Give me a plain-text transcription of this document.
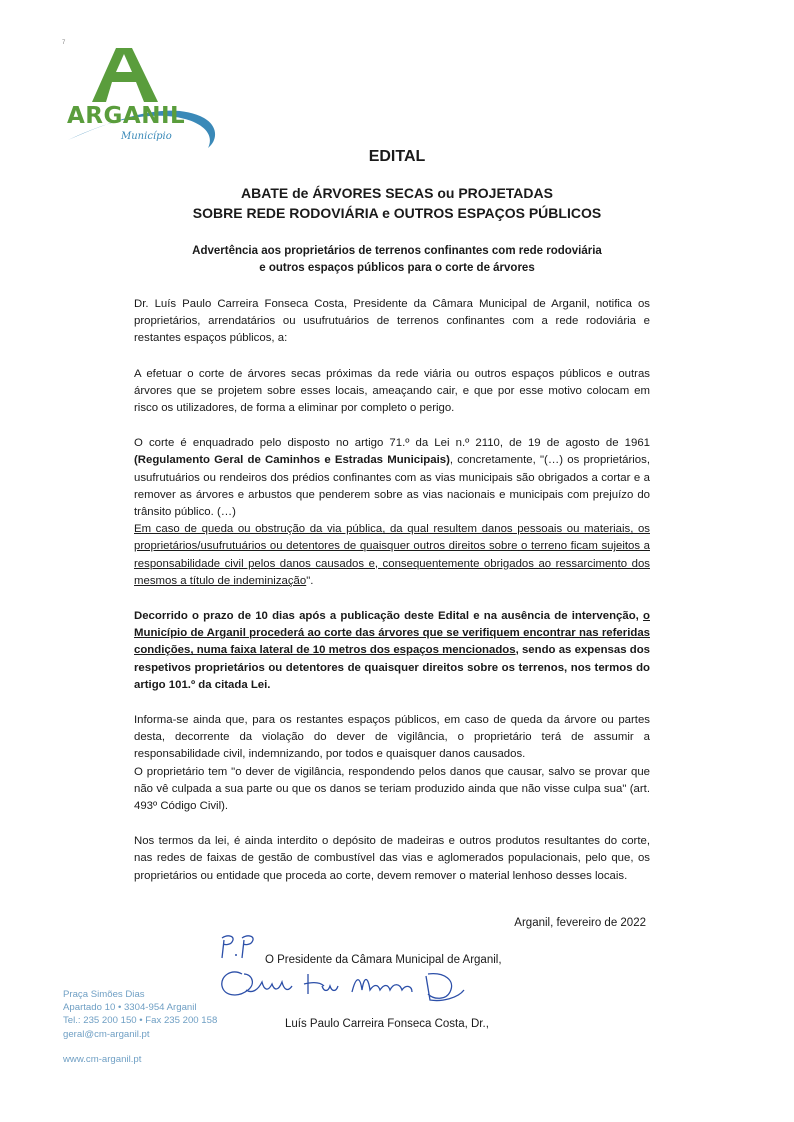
7
ARGANIL
Município
EDITAL
ABATE de ÁRVORES SECAS ou PROJETADAS
SOBRE REDE RODOVIÁRIA e OUTROS ESPAÇOS PÚBLICOS
Advertência aos proprietários de terrenos confinantes com rede rodoviária
e outros espaços públicos para o corte de árvores

Dr. Luís Paulo Carreira Fonseca Costa, Presidente da Câmara Municipal de Arganil, notifica os proprietários, arrendatários ou usufrutuários de terrenos confinantes com a rede rodoviária e restantes espaços públicos, a:

A efetuar o corte de árvores secas próximas da rede viária ou outros espaços públicos e outras árvores que se projetem sobre esses locais, ameaçando cair, e que por esse motivo colocam em risco os utilizadores, de forma a eliminar por completo o perigo.

O corte é enquadrado pelo disposto no artigo 71.º da Lei n.º 2110, de 19 de agosto de 1961 (Regulamento Geral de Caminhos e Estradas Municipais), concretamente, "(…) os proprietários, usufrutuários ou rendeiros dos prédios confinantes com as vias municipais são obrigados a cortar e a remover as árvores e arbustos que penderem sobre as vias nacionais e municipais com prejuízo do trânsito público. (…)

Em caso de queda ou obstrução da via pública, da qual resultem danos pessoais ou materiais, os proprietários/usufrutuários ou detentores de quaisquer outros direitos sobre o terreno ficam sujeitos a responsabilidade civil pelos danos causados e, consequentemente obrigados ao ressarcimento dos mesmos a título de indeminização".

Decorrido o prazo de 10 dias após a publicação deste Edital e na ausência de intervenção, o Município de Arganil procederá ao corte das árvores que se verifiquem encontrar nas referidas condições, numa faixa lateral de 10 metros dos espaços mencionados, sendo as expensas dos respetivos proprietários ou detentores de quaisquer direitos sobre os terrenos, nos termos do artigo 101.º da citada Lei.

Informa-se ainda que, para os restantes espaços públicos, em caso de queda da árvore ou partes desta, decorrente da violação do dever de vigilância, o proprietário terá de assumir a responsabilidade civil, indemnizando, por todos e quaisquer danos causados.

O proprietário tem "o dever de vigilância, respondendo pelos danos que causar, salvo se provar que não vê culpada a sua parte ou que os danos se teriam produzido ainda que não visse culpa sua" (art. 493º Código Civil).

Nos termos da lei, é ainda interdito o depósito de madeiras e outros produtos resultantes do corte, nas redes de faixas de gestão de combustível das vias e aglomerados populacionais, pelo que, os proprietários ou entidade que proceda ao corte, devem remover o material lenhoso desses locais.

Arganil, fevereiro de 2022
O Presidente da Câmara Municipal de Arganil,
Luís Paulo Carreira Fonseca Costa, Dr.,
Praça Simões Dias
Apartado 10 • 3304-954 Arganil
Tel.: 235 200 150 • Fax 235 200 158
geral@cm-arganil.pt
www.cm-arganil.pt
